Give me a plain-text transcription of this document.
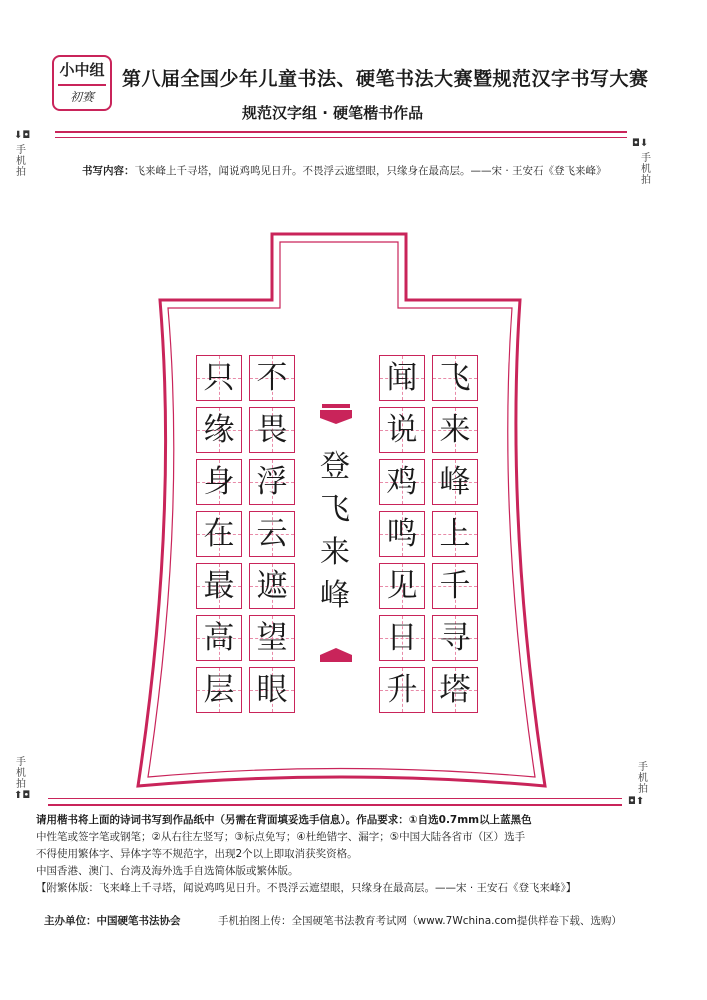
小中组
初赛
第八届全国少年儿童书法、硬笔书法大赛暨规范汉字书写大赛
规范汉字组 · 硬笔楷书作品
⬇◘
手机拍
◘⬇
手机拍
书写内容：飞来峰上千寻塔，闻说鸡鸣见日升。不畏浮云遮望眼，只缘身在最高层。——宋 · 王安石《登飞来峰》
飞
来
峰
上
千
寻
塔
闻
说
鸡
鸣
见
日
升
不
畏
浮
云
遮
望
眼
只
缘
身
在
最
高
层
登飞来峰
手机拍
⬆◘
手机拍
◘⬆
请用楷书将上面的诗词书写到作品纸中（另需在背面填妥选手信息）。作品要求：①自选0.7mm以上蓝黑色
中性笔或签字笔或钢笔；②从右往左竖写；③标点免写；④杜绝错字、漏字；⑤中国大陆各省市（区）选手
不得使用繁体字、异体字等不规范字，出现2个以上即取消获奖资格。
中国香港、澳门、台湾及海外选手自选简体版或繁体版。
【附繁体版：飞来峰上千寻塔，闻说鸡鸣见日升。不畏浮云遮望眼，只缘身在最高层。——宋 · 王安石《登飞来峰》】
主办单位：中国硬笔书法协会	手机拍图上传：全国硬笔书法教育考试网（www.7Wchina.com提供样卷下载、选购）
